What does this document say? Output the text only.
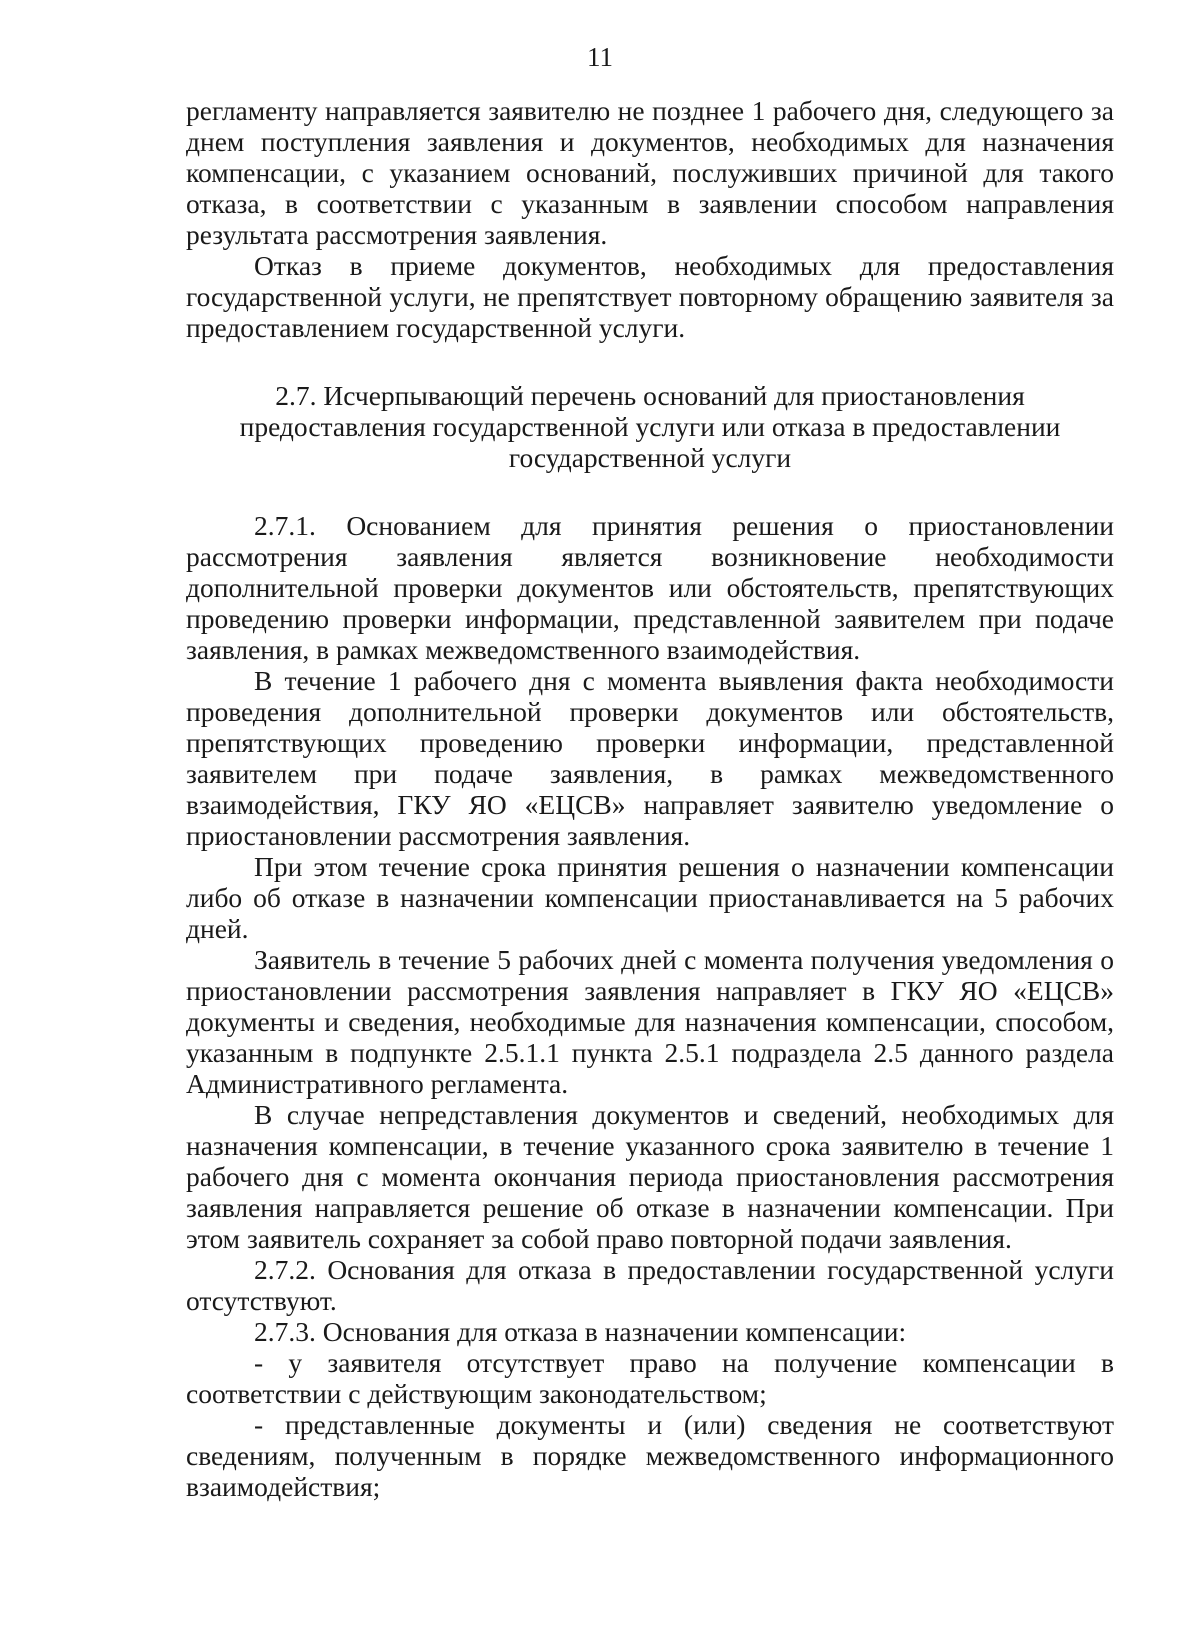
11

регламенту направляется заявителю не позднее 1 рабочего дня, следующего за днем поступления заявления и документов, необходимых для назначения компенсации, с указанием оснований, послуживших причиной для такого отказа, в соответствии с указанным в заявлении способом направления результата рассмотрения заявления.

Отказ в приеме документов, необходимых для предоставления государственной услуги, не препятствует повторному обращению заявителя за предоставлением государственной услуги.

2.7. Исчерпывающий перечень оснований для приостановления
предоставления государственной услуги или отказа в предоставлении
государственной услуги

2.7.1. Основанием для принятия решения о приостановлении рассмотрения заявления является возникновение необходимости дополнительной проверки документов или обстоятельств, препятствующих проведению проверки информации, представленной заявителем при подаче заявления, в рамках межведомственного взаимодействия.

В течение 1 рабочего дня с момента выявления факта необходимости проведения дополнительной проверки документов или обстоятельств, препятствующих проведению проверки информации, представленной заявителем при подаче заявления, в рамках межведомственного взаимодействия, ГКУ ЯО «ЕЦСВ» направляет заявителю уведомление о приостановлении рассмотрения заявления.

При этом течение срока принятия решения о назначении компенсации либо об отказе в назначении компенсации приостанавливается на 5 рабочих дней.

Заявитель в течение 5 рабочих дней с момента получения уведомления о приостановлении рассмотрения заявления направляет в ГКУ ЯО «ЕЦСВ» документы и сведения, необходимые для назначения компенсации, способом, указанным в подпункте 2.5.1.1 пункта 2.5.1 подраздела 2.5 данного раздела Административного регламента.

В случае непредставления документов и сведений, необходимых для назначения компенсации, в течение указанного срока заявителю в течение 1 рабочего дня с момента окончания периода приостановления рассмотрения заявления направляется решение об отказе в назначении компенсации. При этом заявитель сохраняет за собой право повторной подачи заявления.

2.7.2. Основания для отказа в предоставлении государственной услуги отсутствуют.

2.7.3. Основания для отказа в назначении компенсации:

- у заявителя отсутствует право на получение компенсации в соответствии с действующим законодательством;
- представленные документы и (или) сведения не соответствуют сведениям, полученным в порядке межведомственного информационного взаимодействия;
